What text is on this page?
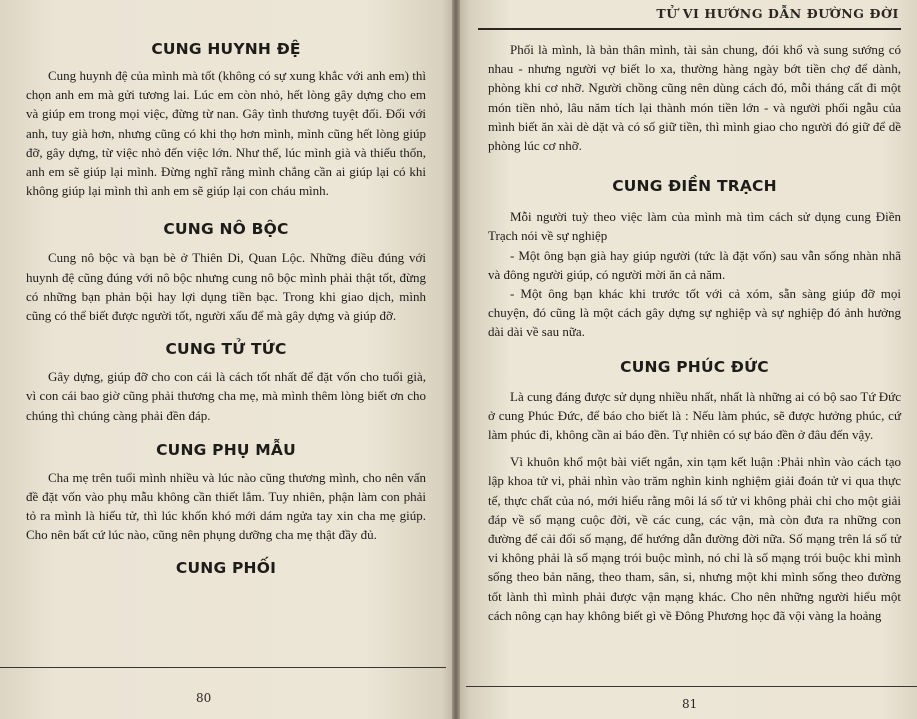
CUNG HUYNH ĐỆ

Cung huynh đệ của mình mà tốt (không có sự xung khắc với anh em) thì chọn anh em mà gửi tương lai. Lúc em còn nhỏ, hết lòng gây dựng cho em và giúp em trong mọi việc, đừng từ nan. Gây tình thương tuyệt đối. Đối với anh, tuy già hơn, nhưng cũng có khi thọ hơn mình, mình cũng hết lòng giúp đỡ, gây dựng, từ việc nhỏ đến việc lớn. Như thế, lúc mình già và thiếu thốn, anh em sẽ giúp lại mình. Đừng nghĩ rằng mình chẳng cần ai giúp lại có khi không giúp lại mình thì anh em sẽ giúp lại con cháu mình.

CUNG NÔ BỘC

Cung nô bộc và bạn bè ở Thiên Di, Quan Lộc. Những điều đúng với huynh đệ cũng đúng với nô bộc nhưng cung nô bộc mình phải thật tốt, đừng có những bạn phản bội hay lợi dụng tiền bạc. Trong khi giao dịch, mình cũng có thể biết được người tốt, người xấu để mà gây dựng và giúp đỡ.

CUNG TỬ TỨC

Gây dựng, giúp đỡ cho con cái là cách tốt nhất để đặt vốn cho tuổi già, vì con cái bao giờ cũng phải thương cha mẹ, mà mình thêm lòng biết ơn cho chúng thì chúng càng phải đền đáp.

CUNG PHỤ MẪU

Cha mẹ trên tuổi mình nhiều và lúc nào cũng thương mình, cho nên vấn đề đặt vốn vào phụ mẫu không cần thiết lắm. Tuy nhiên, phận làm con phải tỏ ra mình là hiếu tử, thì lúc khốn khó mới dám ngửa tay xin cha mẹ giúp. Cho nên bất cứ lúc nào, cũng nên phụng dưỡng cha mẹ thật đầy đủ.

CUNG PHỐI
80
TỬ VI HƯỚNG DẪN ĐƯỜNG ĐỜI

Phối là mình, là bản thân mình, tài sản chung, đói khổ và sung sướng có nhau - nhưng người vợ biết lo xa, thường hàng ngày bớt tiền chợ để dành, phòng khi cơ nhỡ. Người chồng cũng nên dùng cách đó, mỗi tháng cất đi một món tiền nhỏ, lâu năm tích lại thành món tiền lớn - và người phối ngẫu của mình biết ăn xài dè dặt và có số giữ tiền, thì mình giao cho người đó giữ để dề phòng lúc cơ nhỡ.

CUNG ĐIỀN TRẠCH

Mỗi người tuỳ theo việc làm của mình mà tìm cách sử dụng cung Điền Trạch nói về sự nghiệp

- Một ông bạn già hay giúp người (tức là đặt vốn) sau vẫn sống nhàn nhã và đông người giúp, có người mời ăn cả năm.

- Một ông bạn khác khi trước tốt với cả xóm, sẵn sàng giúp đỡ mọi chuyện, đó cũng là một cách gây dựng sự nghiệp và sự nghiệp đó ảnh hưởng dài dài về sau nữa.

CUNG PHÚC ĐỨC

Là cung đáng được sử dụng nhiều nhất, nhất là những ai có bộ sao Tứ Đức ở cung Phúc Đức, để báo cho biết là : Nếu làm phúc, sẽ được hưởng phúc, cứ làm phúc đi, không cần ai báo đền. Tự nhiên có sự báo đền ở đâu đến vậy.

Vì khuôn khổ một bài viết ngắn, xin tạm kết luận :Phải nhìn vào cách tạo lập khoa tử vi, phải nhìn vào trăm nghìn kinh nghiệm giải đoán tử vi qua thực tế, thực chất của nó, mới hiểu rằng môi lá số tử vi không phải chỉ cho một giải đáp về số mạng cuộc đời, về các cung, các vận, mà còn đưa ra những con đường để cải đổi số mạng, để hướng dẫn đường đời nữa. Số mạng trên lá số tử vi không phải là số mạng trói buộc mình, nó chỉ là số mạng trói buộc khi mình sống theo bản năng, theo tham, sân, si, nhưng một khi mình sống theo đường tốt lành thì mình phải được vận mạng khác. Cho nên những người hiểu một cách nông cạn hay không biết gì về Đông Phương học đã vội vàng la hoảng

81
